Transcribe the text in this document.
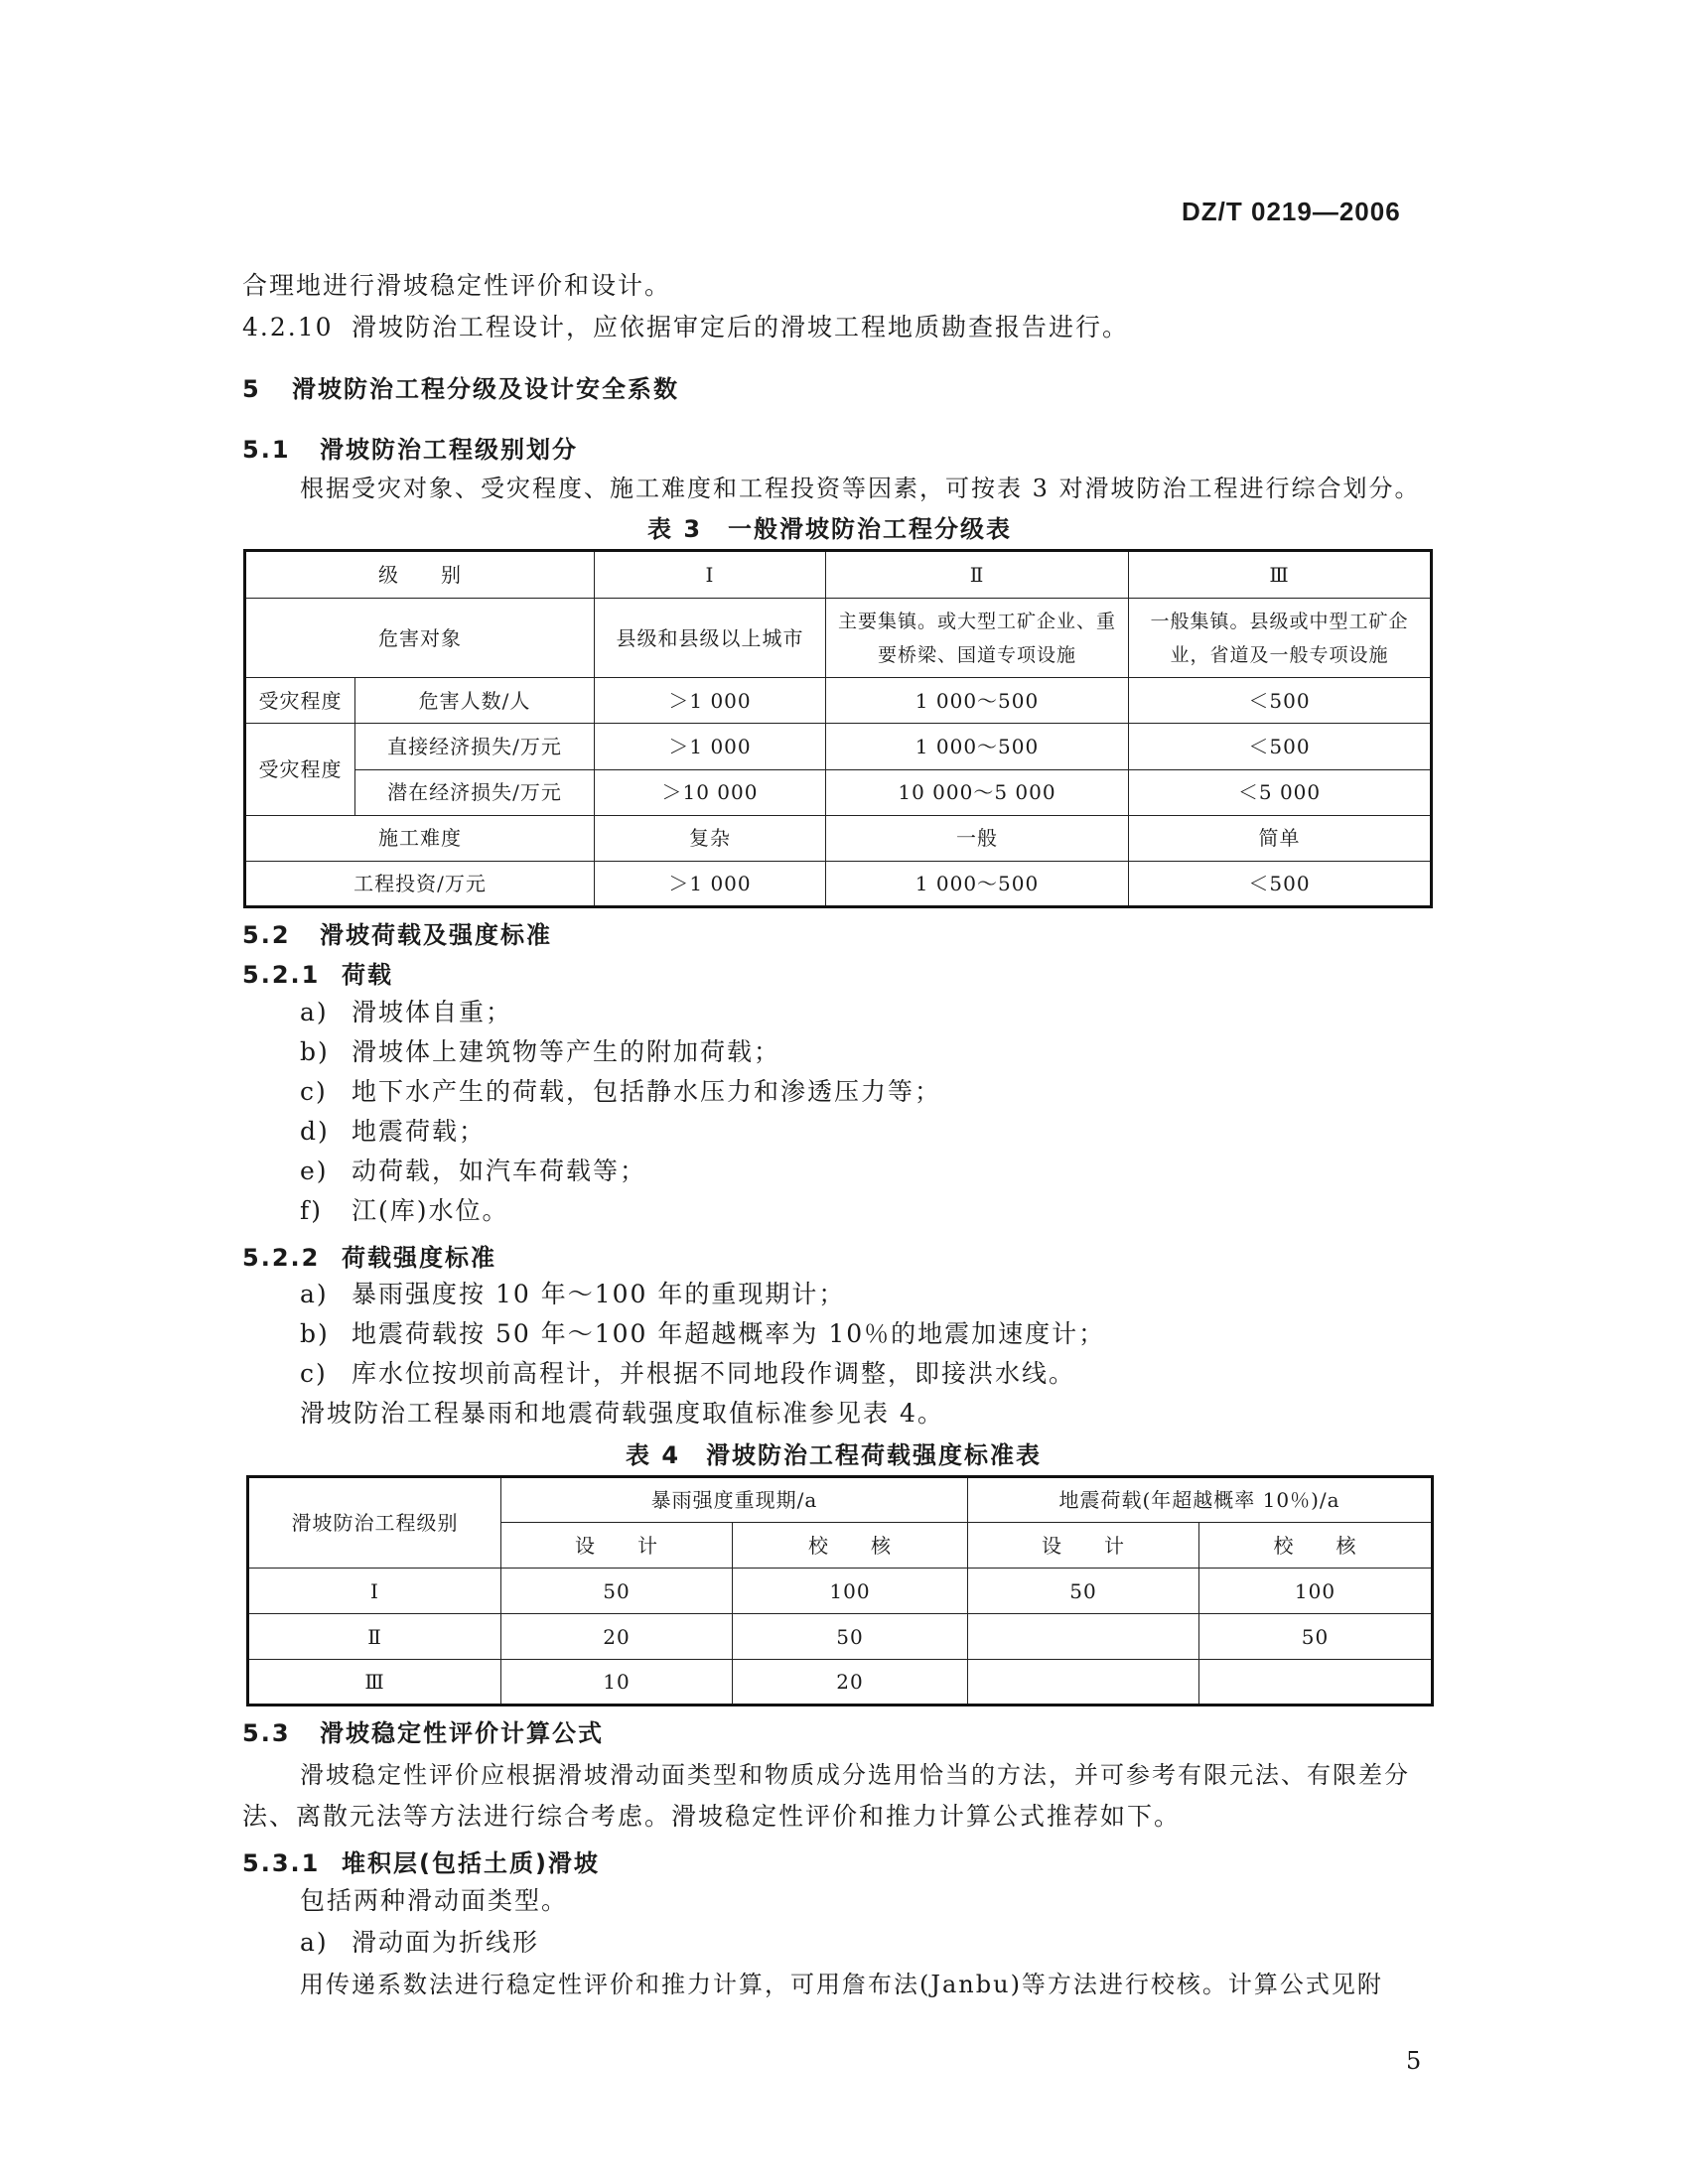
DZ/T 0219—2006
合理地进行滑坡稳定性评价和设计。
4.2.10 滑坡防治工程设计，应依据审定后的滑坡工程地质勘查报告进行。
5 滑坡防治工程分级及设计安全系数
5.1 滑坡防治工程级别划分
根据受灾对象、受灾程度、施工难度和工程投资等因素，可按表 3 对滑坡防治工程进行综合划分。
表 3　一般滑坡防治工程分级表
级　　别		Ⅰ	Ⅱ	Ⅲ
危害对象		县级和县级以上城市	主要集镇。或大型工矿企业、重要桥梁、国道专项设施	一般集镇。县级或中型工矿企业，省道及一般专项设施
受灾程度	危害人数/人	＞1 000	1 000～500	＜500
受灾程度	直接经济损失/万元	＞1 000	1 000～500	＜500
	潜在经济损失/万元	＞10 000	10 000～5 000	＜5 000
施工难度		复杂	一般	简单
工程投资/万元		＞1 000	1 000～500	＜500
5.2 滑坡荷载及强度标准
5.2.1 荷载
a) 滑坡体自重；
b) 滑坡体上建筑物等产生的附加荷载；
c) 地下水产生的荷载，包括静水压力和渗透压力等；
d) 地震荷载；
e) 动荷载，如汽车荷载等；
f) 江(库)水位。
5.2.2 荷载强度标准
a) 暴雨强度按 10 年～100 年的重现期计；
b) 地震荷载按 50 年～100 年超越概率为 10％的地震加速度计；
c) 库水位按坝前高程计，并根据不同地段作调整，即接洪水线。
滑坡防治工程暴雨和地震荷载强度取值标准参见表 4。
表 4　滑坡防治工程荷载强度标准表
滑坡防治工程级别	暴雨强度重现期/a		地震荷载(年超越概率 10％)/a	
	设　　计	校　　核	设　　计	校　　核
Ⅰ	50	100	50	100
Ⅱ	20	50		50
Ⅲ	10	20		
5.3 滑坡稳定性评价计算公式
滑坡稳定性评价应根据滑坡滑动面类型和物质成分选用恰当的方法，并可参考有限元法、有限差分
法、离散元法等方法进行综合考虑。滑坡稳定性评价和推力计算公式推荐如下。
5.3.1 堆积层(包括土质)滑坡
包括两种滑动面类型。
a) 滑动面为折线形
用传递系数法进行稳定性评价和推力计算，可用詹布法(Janbu)等方法进行校核。计算公式见附
5
